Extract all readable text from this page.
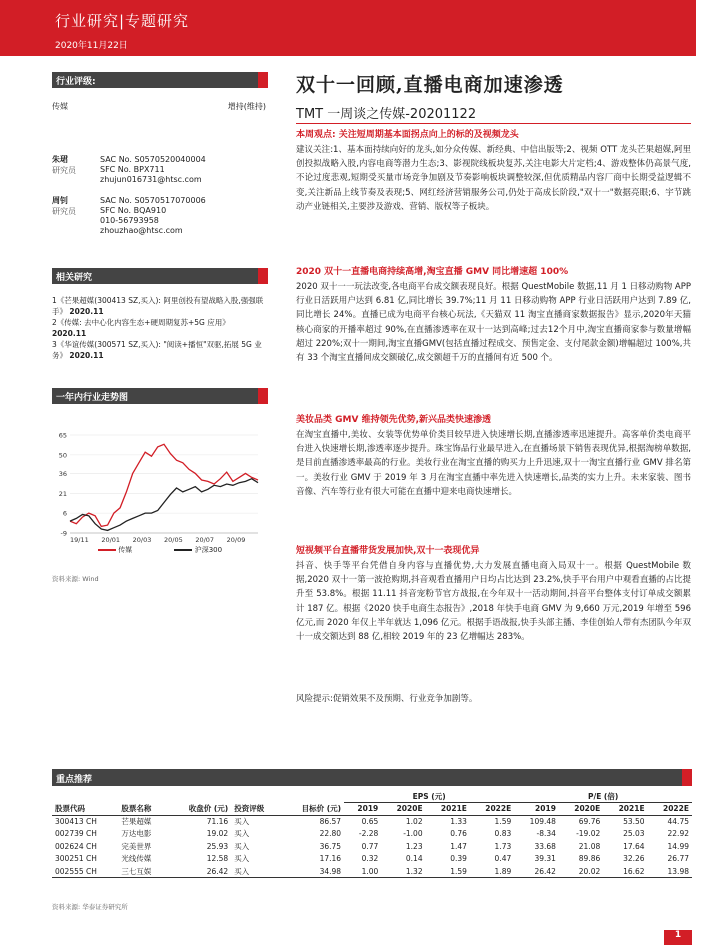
行业研究|专题研究
2020年11月22日
行业评级:
传媒	增持(维持)
朱珺
研究员
SAC No. S0570520040004
SFC No. BPX711
zhujun016731@htsc.com
周钊
研究员
SAC No. S0570517070006
SFC No. BQA910
010-56793958
zhouzhao@htsc.com
相关研究
1《芒果超媒(300413 SZ,买入): 阿里创投有望战略入股,强强联手》 2020.11
2《传媒: 去中心化内容生态+硬周期复苏+5G 应用》 2020.11
3《华谊传媒(300571 SZ,买入): "阅读+播恒"双驱,拓展 5G 业务》 2020.11
一年内行业走势图
65
50
36
21
6
-9
19/11 20/01 20/03 20/05 20/07 20/09
传媒	沪深300
资料来源: Wind
双十一回顾,直播电商加速渗透
TMT 一周谈之传媒-20201122
本周观点: 关注短周期基本面拐点向上的标的及视频龙头
建议关注:1、基本面持续向好的龙头,如分众传媒、新经典、中信出版等;2、视频 OTT 龙头芒果超媒,阿里创投拟战略入股,内容电商等潜力生态;3、影视院线板块复苏,关注电影大片定档;4、游戏整体仍高景气度,不论过度悲观,短期受买量市场竞争加剧及节奏影响板块调整较深,但优质精品内容厂商中长期受益逻辑不变,关注新品上线节奏及表现;5、网红经济营销服务公司,仍处于高成长阶段,"双十一"数据亮眼;6、宇节跳动产业链相关,主要涉及游戏、营销、版权等子板块。
2020 双十一直播电商持续高增,淘宝直播 GMV 同比增速超 100%
2020 双十一一玩法改变,各电商平台成交额表现良好。根据 QuestMobile 数据,11 月 1 日移动购物 APP 行业日活跃用户达到 6.81 亿,同比增长 39.7%;11 月 11 日移动购物 APP 行业日活跃用户达到 7.89 亿,同比增长 24%。直播已成为电商平台核心玩法,《天猫双 11 淘宝直播商家数据报告》显示,2020年天猫核心商家的开播率超过 90%,在直播渗透率在双十一达到高峰;过去12个月中,淘宝直播商家参与数量增幅超过 220%;双十一期间,淘宝直播GMV(包括直播过程成交、预售定金、支付尾款金额)增幅超过 100%,共有 33 个淘宝直播间成交额破亿,成交额超千万的直播间有近 500 个。
美妆品类 GMV 维持领先优势,新兴品类快速渗透
在淘宝直播中,美妆、女装等优势单价类目较早进入快速增长期,直播渗透率迅速提升。高客单价类电商平台进入快速增长期,渗透率逐步提升。珠宝饰品行业最早进入,在直播场景下销售表现优异,根据淘榜单数据,是目前直播渗透率最高的行业。美妆行业在淘宝直播的购买力上升迅速,双十一淘宝直播行业 GMV 排名第一。美妆行业 GMV 于 2019 年 3 月在淘宝直播中率先进入快速增长,品类的实力上升。未来家装、图书音像、汽车等行业有很大可能在直播中迎来电商快速增长。
短视频平台直播带货发展加快,双十一表现优异
抖音、快手等平台凭借自身内容与直播优势,大力发展直播电商入局双十一。根据 QuestMobile 数据,2020 双十一第一波抢购期,抖音观看直播用户日均占比达到 23.2%,快手平台用户中观看直播的占比提升至 53.8%。根据 11.11 抖音宠粉节官方战报,在今年双十一活动期间,抖音平台整体支付订单成交额累计 187 亿。根据《2020 快手电商生态报告》,2018 年快手电商 GMV 为 9,660 万元,2019 年增至 596 亿元,而 2020 年仅上半年就达 1,096 亿元。根据手语战报,快手头部主播、李佳创始人带有杰团队今年双十一成交额达到 88 亿,相较 2019 年的 23 亿增幅达 283%。
风险提示:促销效果不及预期、行业竞争加剧等。
重点推荐
					EPS (元)				P/E (倍)			
股票代码	股票名称	收盘价 (元)	投资评级	目标价 (元)	2019	2020E	2021E	2022E	2019	2020E	2021E	2022E
300413 CH	芒果超媒	71.16	买入	86.57	0.65	1.02	1.33	1.59	109.48	69.76	53.50	44.75
002739 CH	万达电影	19.02	买入	22.80	-2.28	-1.00	0.76	0.83	-8.34	-19.02	25.03	22.92
002624 CH	完美世界	25.93	买入	36.75	0.77	1.23	1.47	1.73	33.68	21.08	17.64	14.99
300251 CH	光线传媒	12.58	买入	17.16	0.32	0.14	0.39	0.47	39.31	89.86	32.26	26.77
002555 CH	三七互娱	26.42	买入	34.98	1.00	1.32	1.59	1.89	26.42	20.02	16.62	13.98
资料来源: 华泰证券研究所
1
